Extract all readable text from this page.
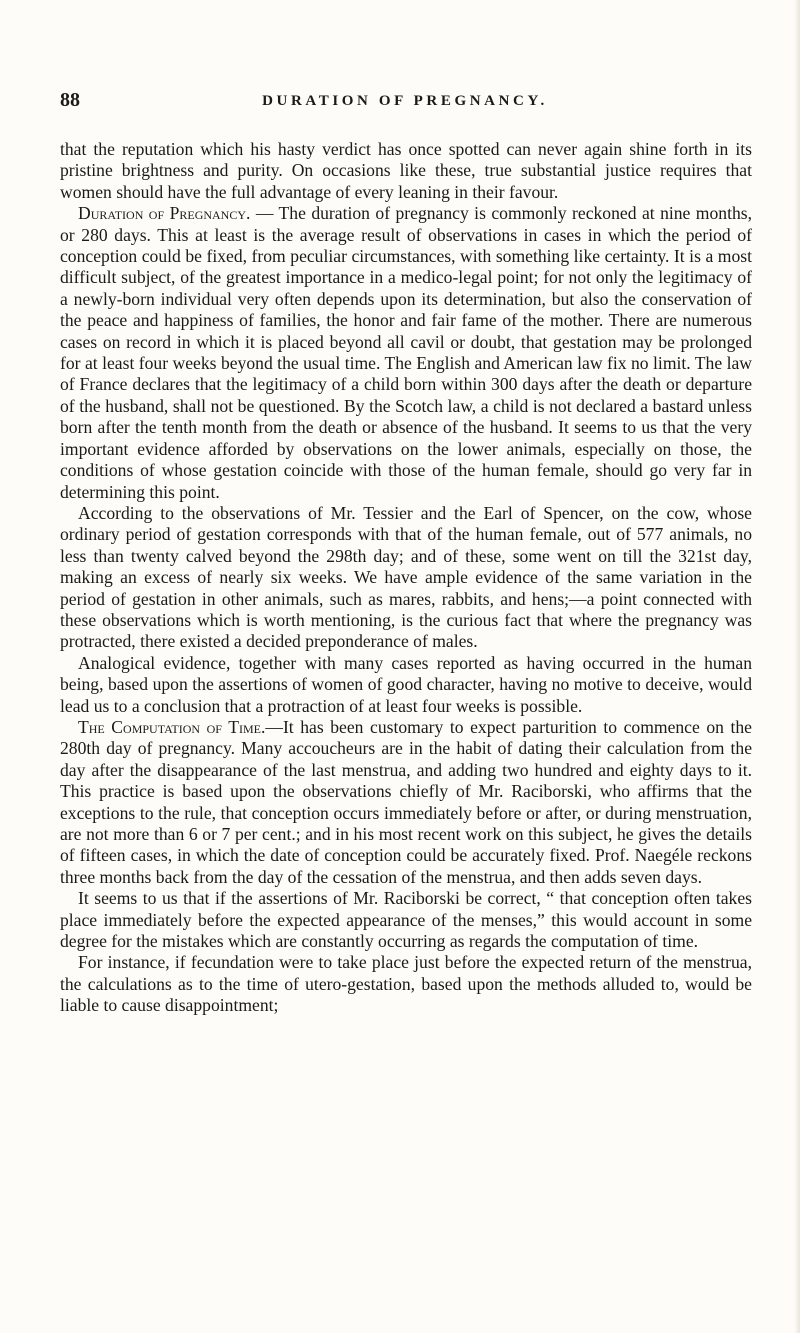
88	DURATION OF PREGNANCY.

that the reputation which his hasty verdict has once spotted can never again shine forth in its pristine brightness and purity. On occasions like these, true substantial justice requires that women should have the full advantage of every leaning in their favour.

Duration of Pregnancy. — The duration of pregnancy is commonly reckoned at nine months, or 280 days. This at least is the average result of observations in cases in which the period of conception could be fixed, from peculiar circumstances, with something like certainty. It is a most difficult subject, of the greatest importance in a medico-legal point; for not only the legitimacy of a newly-born individual very often depends upon its determination, but also the conservation of the peace and happiness of families, the honor and fair fame of the mother. There are numerous cases on record in which it is placed beyond all cavil or doubt, that gestation may be prolonged for at least four weeks beyond the usual time. The English and American law fix no limit. The law of France declares that the legitimacy of a child born within 300 days after the death or departure of the husband, shall not be questioned. By the Scotch law, a child is not declared a bastard unless born after the tenth month from the death or absence of the husband. It seems to us that the very important evidence afforded by observations on the lower animals, especially on those, the conditions of whose gestation coincide with those of the human female, should go very far in determining this point.

According to the observations of Mr. Tessier and the Earl of Spencer, on the cow, whose ordinary period of gestation corresponds with that of the human female, out of 577 animals, no less than twenty calved beyond the 298th day; and of these, some went on till the 321st day, making an excess of nearly six weeks. We have ample evidence of the same variation in the period of gestation in other animals, such as mares, rabbits, and hens;—a point connected with these observations which is worth mentioning, is the curious fact that where the pregnancy was protracted, there existed a decided preponderance of males.

Analogical evidence, together with many cases reported as having occurred in the human being, based upon the assertions of women of good character, having no motive to deceive, would lead us to a conclusion that a protraction of at least four weeks is possible.

The Computation of Time.—It has been customary to expect parturition to commence on the 280th day of pregnancy. Many accoucheurs are in the habit of dating their calculation from the day after the disappearance of the last menstrua, and adding two hundred and eighty days to it. This practice is based upon the observations chiefly of Mr. Raciborski, who affirms that the exceptions to the rule, that conception occurs immediately before or after, or during menstruation, are not more than 6 or 7 per cent.; and in his most recent work on this subject, he gives the details of fifteen cases, in which the date of conception could be accurately fixed. Prof. Naegéle reckons three months back from the day of the cessation of the menstrua, and then adds seven days.

It seems to us that if the assertions of Mr. Raciborski be correct, “ that conception often takes place immediately before the expected appearance of the menses,” this would account in some degree for the mistakes which are constantly occurring as regards the computation of time.

For instance, if fecundation were to take place just before the expected return of the menstrua, the calculations as to the time of utero-gestation, based upon the methods alluded to, would be liable to cause disappointment;
